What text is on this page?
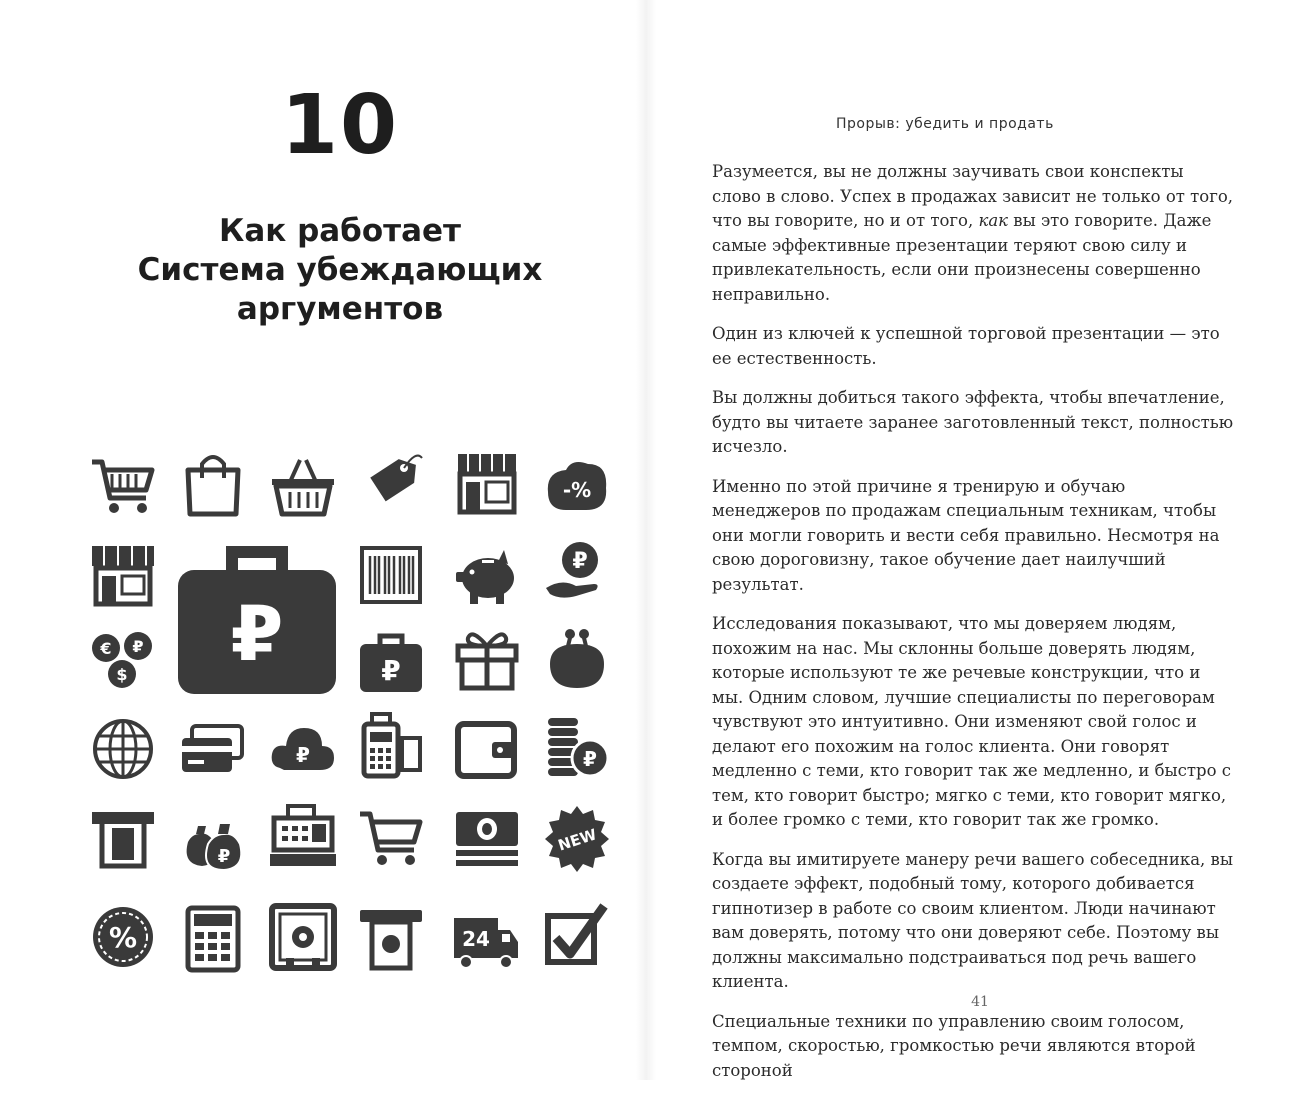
10
Как работает
Система убеждающих
аргументов
-%
₽
₽
€ ₽
$	₽
₽	₽
₽
NEW
%	24
Прорыв: убедить и продать

Разумеется, вы не должны заучивать свои конспекты слово в слово. Успех в продажах зависит не только от того, что вы говорите, но и от того, как вы это говорите. Даже самые эффективные презентации теряют свою силу и привлекательность, если они произнесены совершенно неправильно.

Один из ключей к успешной торговой презентации — это ее естественность.

Вы должны добиться такого эффекта, чтобы впечатление, будто вы читаете заранее заготовленный текст, полностью исчезло.

Именно по этой причине я тренирую и обучаю менеджеров по продажам специальным техникам, чтобы они могли говорить и вести себя правильно. Несмотря на свою дороговизну, такое обучение дает наилучший результат.

Исследования показывают, что мы доверяем людям, похожим на нас. Мы склонны больше доверять людям, которые используют те же речевые конструкции, что и мы. Одним словом, лучшие специалисты по переговорам чувствуют это интуитивно. Они изменяют свой голос и делают его похожим на голос клиента. Они говорят медленно с теми, кто говорит так же медленно, и быстро с тем, кто говорит быстро; мягко с теми, кто говорит мягко, и более громко с теми, кто говорит так же громко.

Когда вы имитируете манеру речи вашего собеседника, вы создаете эффект, подобный тому, которого добивается гипнотизер в работе со своим клиентом. Люди начинают вам доверять, потому что они доверяют себе. Поэтому вы должны максимально подстраиваться под речь вашего клиента.

Специальные техники по управлению своим голосом, темпом, скоростью, громкостью речи являются второй стороной

41
